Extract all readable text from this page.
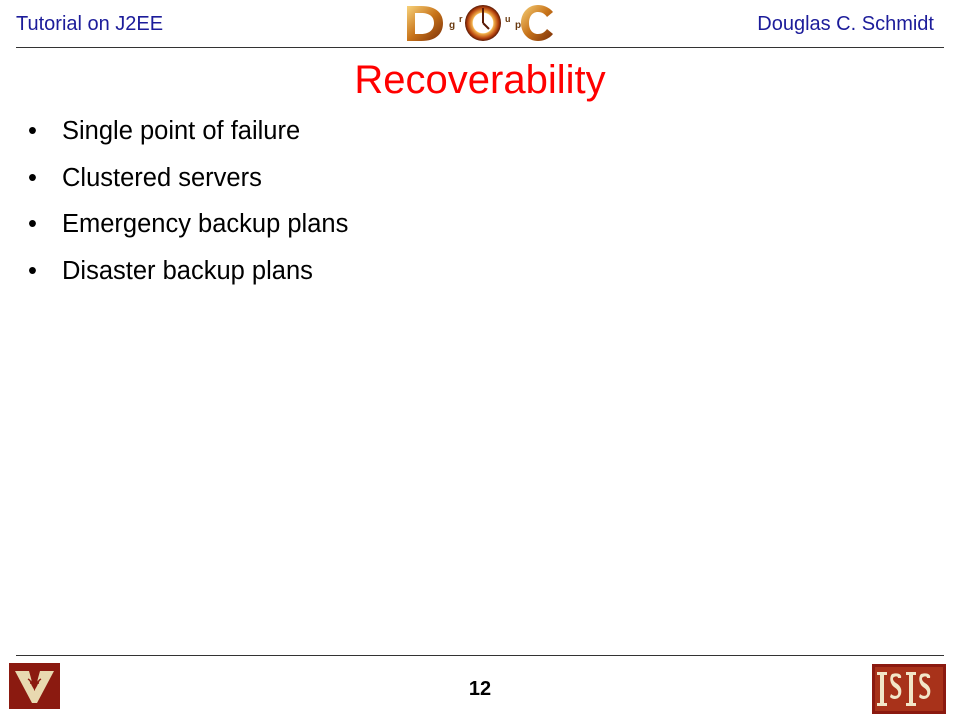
Tutorial on J2EE	g
r	u
p	Douglas C. Schmidt
Recoverability
• Single point of failure
• Clustered servers
• Emergency backup plans
• Disaster backup plans
12
